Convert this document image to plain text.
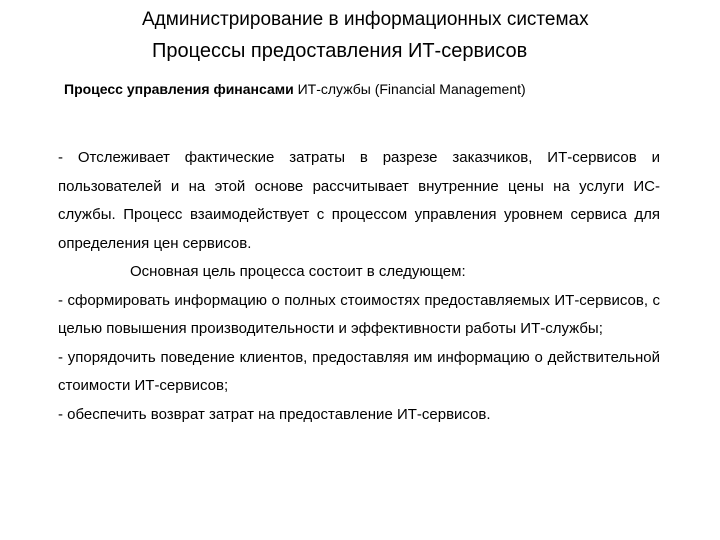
Администрирование в информационных системах
Процессы предоставления ИТ-сервисов
Процесс управления финансами ИТ-службы (Financial Management)

- Отслеживает фактические затраты в разрезе заказчиков, ИТ-сервисов и пользователей и на этой основе рассчитывает внутренние цены на услуги ИС-службы. Процесс взаимодействует с процессом управления уровнем сервиса для определения цен сервисов.

Основная цель процесса состоит в следующем:

- сформировать информацию о полных стоимостях предоставляемых ИТ-сервисов, с целью повышения производительности и эффективности работы ИТ-службы;

- упорядочить поведение клиентов, предоставляя им информацию о действительной стоимости ИТ-сервисов;

- обеспечить возврат затрат на предоставление ИТ-сервисов.
